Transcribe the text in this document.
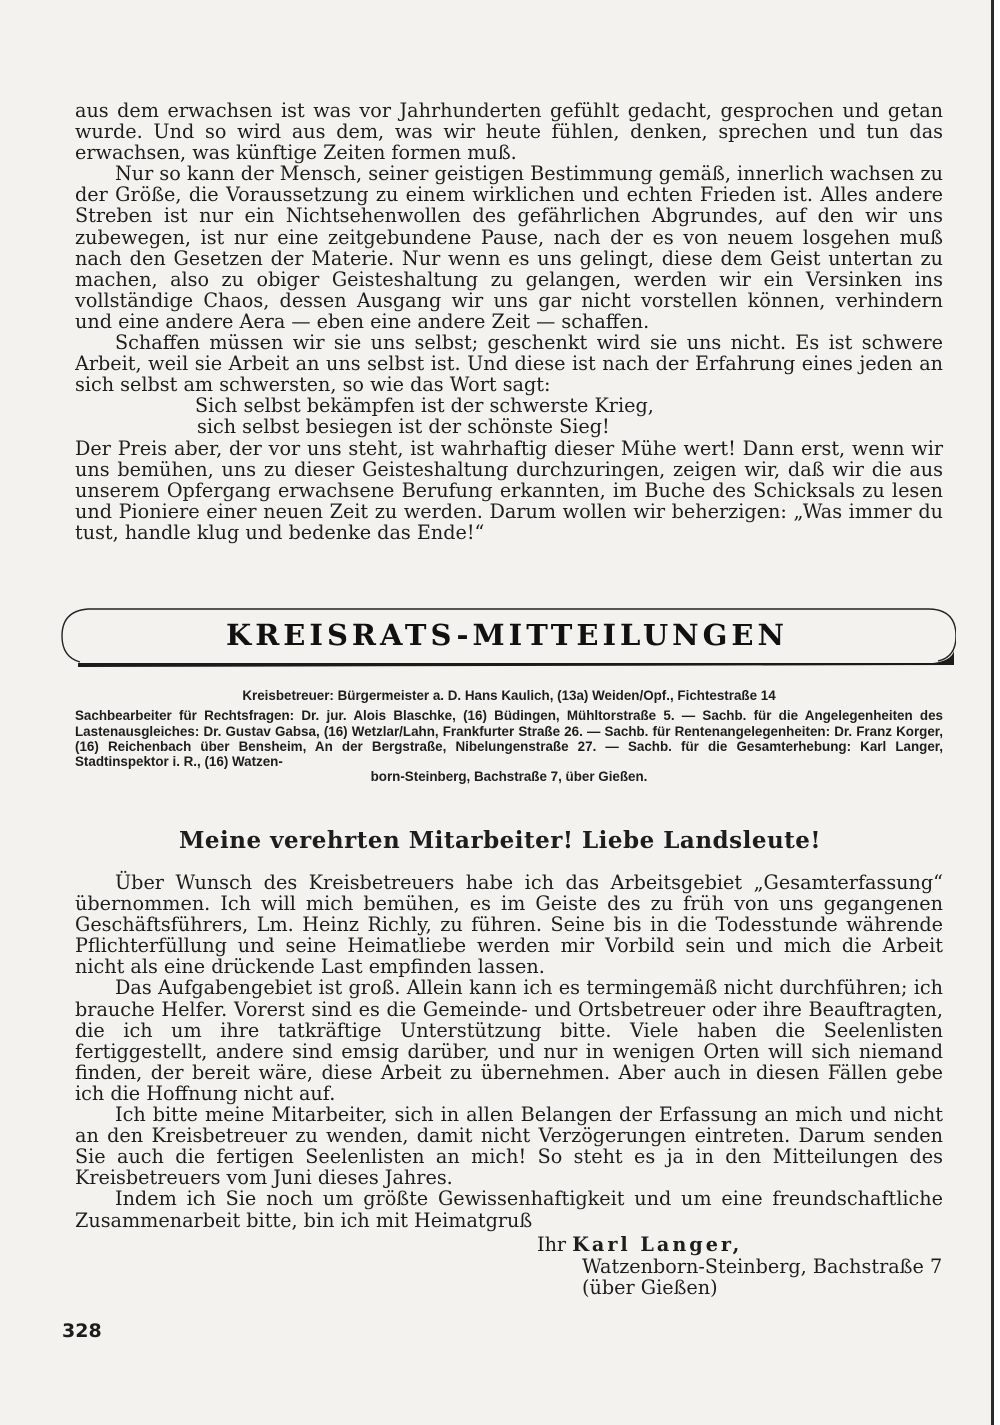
aus dem erwachsen ist was vor Jahrhunderten gefühlt gedacht, gesprochen und getan wurde. Und so wird aus dem, was wir heute fühlen, denken, sprechen und tun das erwachsen, was künftige Zeiten formen muß.

Nur so kann der Mensch, seiner geistigen Bestimmung gemäß, innerlich wachsen zu der Größe, die Voraussetzung zu einem wirklichen und echten Frieden ist. Alles andere Streben ist nur ein Nichtsehenwollen des gefährlichen Abgrundes, auf den wir uns zubewegen, ist nur eine zeitgebundene Pause, nach der es von neuem losgehen muß nach den Gesetzen der Materie. Nur wenn es uns gelingt, diese dem Geist untertan zu machen, also zu obiger Geisteshaltung zu gelangen, werden wir ein Versinken ins vollständige Chaos, dessen Ausgang wir uns gar nicht vorstellen können, verhindern und eine andere Aera — eben eine andere Zeit — schaffen.

Schaffen müssen wir sie uns selbst; geschenkt wird sie uns nicht. Es ist schwere Arbeit, weil sie Arbeit an uns selbst ist. Und diese ist nach der Erfahrung eines jeden an sich selbst am schwersten, so wie das Wort sagt:

Sich selbst bekämpfen ist der schwerste Krieg,

sich selbst besiegen ist der schönste Sieg!

Der Preis aber, der vor uns steht, ist wahrhaftig dieser Mühe wert! Dann erst, wenn wir uns bemühen, uns zu dieser Geisteshaltung durchzuringen, zeigen wir, daß wir die aus unserem Opfergang erwachsene Berufung erkannten, im Buche des Schicksals zu lesen und Pioniere einer neuen Zeit zu werden. Darum wollen wir beherzigen: „Was immer du tust, handle klug und bedenke das Ende!“

KREISRATS-MITTEILUNGEN
Kreisbetreuer: Bürgermeister a. D. Hans Kaulich, (13a) Weiden/Opf., Fichtestraße 14
Sachbearbeiter für Rechtsfragen: Dr. jur. Alois Blaschke, (16) Büdingen, Mühltorstraße 5. — Sachb. für die Angelegenheiten des Lastenausgleiches: Dr. Gustav Gabsa, (16) Wetzlar/Lahn, Frankfurter Straße 26. — Sachb. für Rentenangelegenheiten: Dr. Franz Korger, (16) Reichenbach über Bensheim, An der Bergstraße, Nibelungenstraße 27. — Sachb. für die Gesamterhebung: Karl Langer, Stadtinspektor i. R., (16) Watzen-
born-Steinberg, Bachstraße 7, über Gießen.
Meine verehrten Mitarbeiter! Liebe Landsleute!

Über Wunsch des Kreisbetreuers habe ich das Arbeitsgebiet „Gesamterfassung“ übernommen. Ich will mich bemühen, es im Geiste des zu früh von uns gegangenen Geschäftsführers, Lm. Heinz Richly, zu führen. Seine bis in die Todesstunde währende Pflichterfüllung und seine Heimatliebe werden mir Vorbild sein und mich die Arbeit nicht als eine drückende Last empfinden lassen.

Das Aufgabengebiet ist groß. Allein kann ich es termingemäß nicht durchführen; ich brauche Helfer. Vorerst sind es die Gemeinde- und Ortsbetreuer oder ihre Beauftragten, die ich um ihre tatkräftige Unterstützung bitte. Viele haben die Seelenlisten fertiggestellt, andere sind emsig darüber, und nur in wenigen Orten will sich niemand finden, der bereit wäre, diese Arbeit zu übernehmen. Aber auch in diesen Fällen gebe ich die Hoffnung nicht auf.

Ich bitte meine Mitarbeiter, sich in allen Belangen der Erfassung an mich und nicht an den Kreisbetreuer zu wenden, damit nicht Verzögerungen eintreten. Darum senden Sie auch die fertigen Seelenlisten an mich! So steht es ja in den Mitteilungen des Kreisbetreuers vom Juni dieses Jahres.

Indem ich Sie noch um größte Gewissenhaftigkeit und um eine freundschaftliche Zusammenarbeit bitte, bin ich mit Heimatgruß

Ihr Karl Langer,
Watzenborn-Steinberg, Bachstraße 7
(über Gießen)
328
